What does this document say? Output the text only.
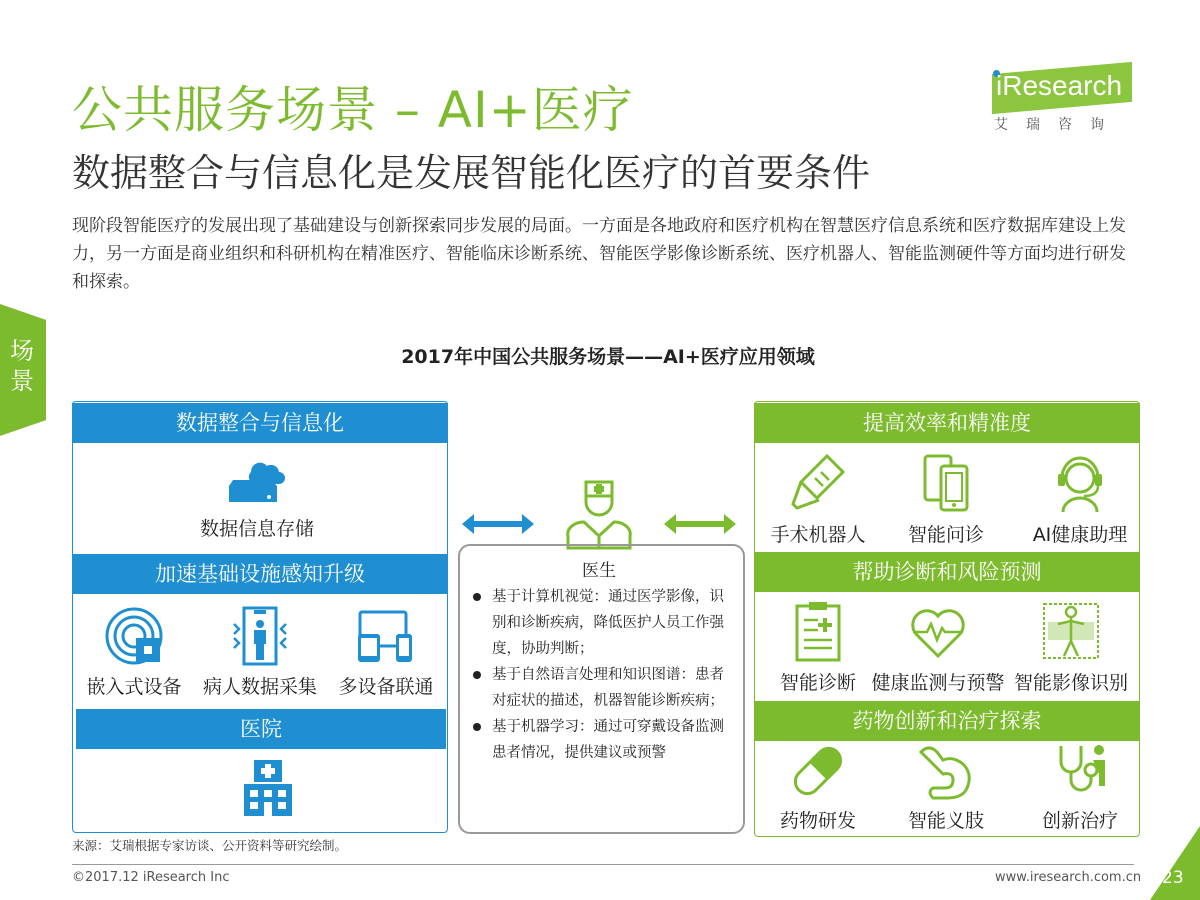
公共服务场景 – AI+医疗
数据整合与信息化是发展智能化医疗的首要条件
现阶段智能医疗的发展出现了基础建设与创新探索同步发展的局面。一方面是各地政府和医疗机构在智慧医疗信息系统和医疗数据库建设上发力，另一方面是商业组织和科研机构在精准医疗、智能临床诊断系统、智能医学影像诊断系统、医疗机器人、智能监测硬件等方面均进行研发和探索。
iResearch
艾瑞咨询
场景
2017年中国公共服务场景——AI+医疗应用领域
数据整合与信息化
数据信息存储
加速基础设施感知升级
嵌入式设备	病人数据采集	多设备联通
医院
医生
基于计算机视觉：通过医学影像，识别和诊断疾病，降低医护人员工作强度，协助判断；
基于自然语言处理和知识图谱：患者对症状的描述，机器智能诊断疾病；
基于机器学习：通过可穿戴设备监测患者情况，提供建议或预警
提高效率和精准度
手术机器人	智能问诊	AI健康助理
帮助诊断和风险预测
智能诊断 健康监测与预警 智能影像识别
药物创新和治疗探索
药物研发	智能义肢	创新治疗
来源：艾瑞根据专家访谈、公开资料等研究绘制。
©2017.12 iResearch Inc	www.iresearch.com.cn 23
